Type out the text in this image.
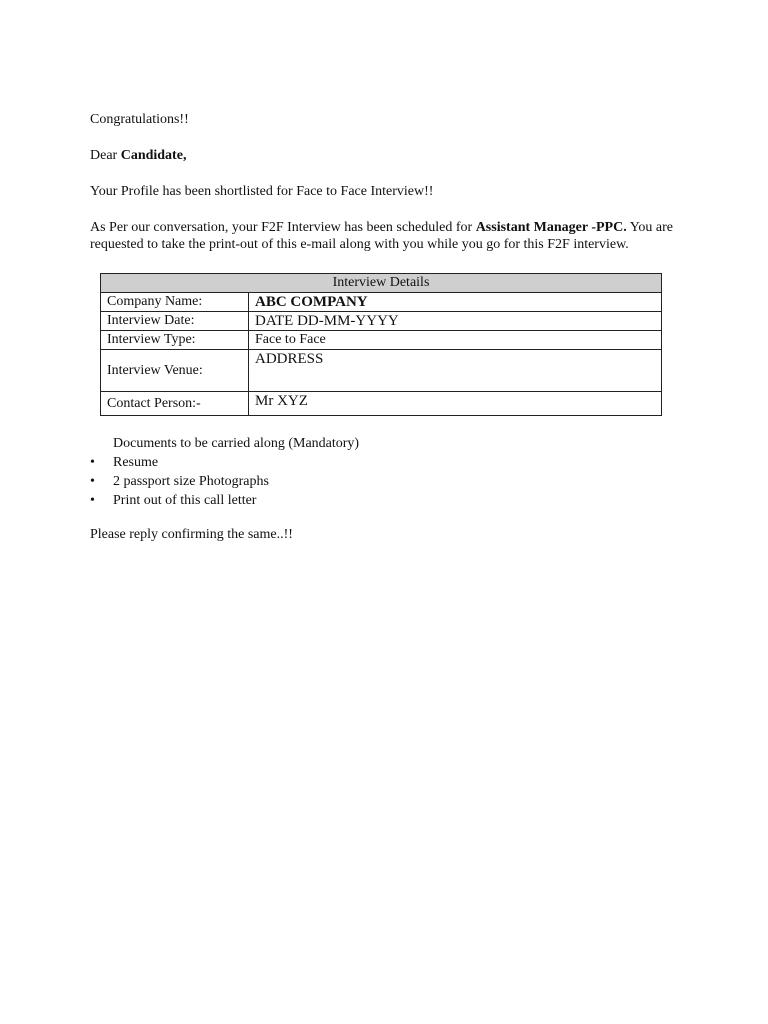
Congratulations!!

Dear Candidate,

Your Profile has been shortlisted for Face to Face Interview!!

As Per our conversation, your F2F Interview has been scheduled for Assistant Manager -PPC. You are requested to take the print-out of this e-mail along with you while you go for this F2F interview.

Interview Details	
Company Name:	ABC COMPANY
Interview Date:	DATE DD-MM-YYYY
Interview Type:	Face to Face
Interview Venue:	ADDRESS
Contact Person:-	Mr XYZ
Documents to be carried along (Mandatory)
•	Resume
•	2 passport size Photographs
•	Print out of this call letter

Please reply confirming the same..!!
